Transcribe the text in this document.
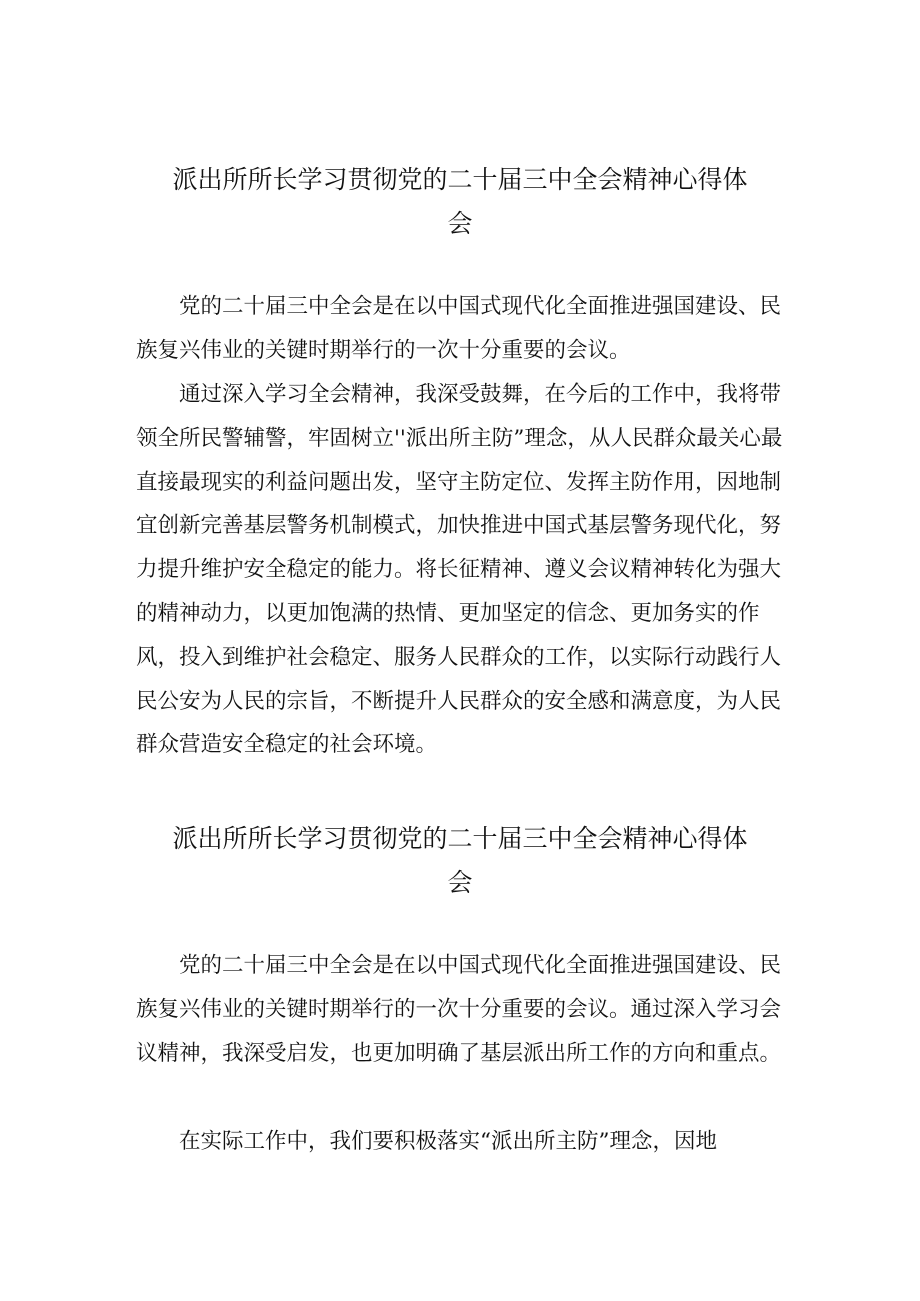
派出所所长学习贯彻党的二十届三中全会精神心得体
会

党的二十届三中全会是在以中国式现代化全面推进强国建设、民族复兴伟业的关键时期举行的一次十分重要的会议。

通过深入学习全会精神，我深受鼓舞，在今后的工作中，我将带领全所民警辅警，牢固树立''派出所主防”理念，从人民群众最关心最直接最现实的利益问题出发，坚守主防定位、发挥主防作用，因地制宜创新完善基层警务机制模式，加快推进中国式基层警务现代化，努力提升维护安全稳定的能力。将长征精神、遵义会议精神转化为强大的精神动力，以更加饱满的热情、更加坚定的信念、更加务实的作风，投入到维护社会稳定、服务人民群众的工作，以实际行动践行人民公安为人民的宗旨，不断提升人民群众的安全感和满意度，为人民群众营造安全稳定的社会环境。

派出所所长学习贯彻党的二十届三中全会精神心得体
会

党的二十届三中全会是在以中国式现代化全面推进强国建设、民族复兴伟业的关键时期举行的一次十分重要的会议。通过深入学习会议精神，我深受启发，也更加明确了基层派出所工作的方向和重点。

在实际工作中，我们要积极落实“派出所主防”理念，因地
